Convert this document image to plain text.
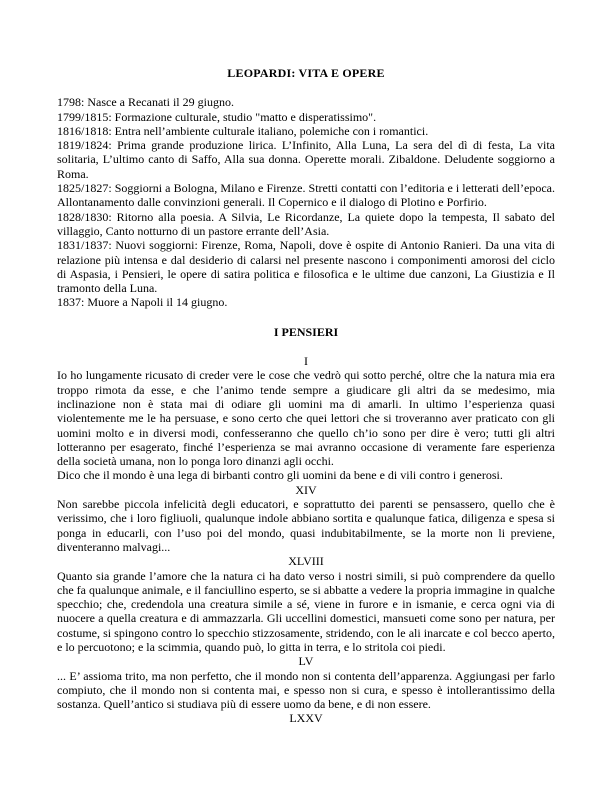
LEOPARDI: VITA E OPERE

1798: Nasce a Recanati il 29 giugno.

1799/1815: Formazione culturale, studio "matto e disperatissimo".

1816/1818: Entra nell’ambiente culturale italiano, polemiche con i romantici.

1819/1824: Prima grande produzione lirica. L’Infinito, Alla Luna, La sera del dì di festa, La vita solitaria, L’ultimo canto di Saffo, Alla sua donna. Operette morali. Zibaldone. Deludente soggiorno a Roma.

1825/1827: Soggiorni a Bologna, Milano e Firenze. Stretti contatti con l’editoria e i letterati dell’epoca. Allontanamento dalle convinzioni generali. Il Copernico e il dialogo di Plotino e Porfirio.

1828/1830: Ritorno alla poesia. A Silvia, Le Ricordanze, La quiete dopo la tempesta, Il sabato del villaggio, Canto notturno di un pastore errante dell’Asia.

1831/1837: Nuovi soggiorni: Firenze, Roma, Napoli, dove è ospite di Antonio Ranieri. Da una vita di relazione più intensa e dal desiderio di calarsi nel presente nascono i componimenti amorosi del ciclo di Aspasia, i Pensieri, le opere di satira politica e filosofica e le ultime due canzoni, La Giustizia e Il tramonto della Luna.

1837: Muore a Napoli il 14 giugno.

I PENSIERI

I

Io ho lungamente ricusato di creder vere le cose che vedrò qui sotto perché, oltre che la natura mia era troppo rimota da esse, e che l’animo tende sempre a giudicare gli altri da se medesimo, mia inclinazione non è stata mai di odiare gli uomini ma di amarli. In ultimo l’esperienza quasi violentemente me le ha persuase, e sono certo che quei lettori che si troveranno aver praticato con gli uomini molto e in diversi modi, confesseranno che quello ch’io sono per dire è vero; tutti gli altri lotteranno per esagerato, finché l’esperienza se mai avranno occasione di veramente fare esperienza della società umana, non lo ponga loro dinanzi agli occhi.

Dico che il mondo è una lega di birbanti contro gli uomini da bene e di vili contro i generosi.

XIV

Non sarebbe piccola infelicità degli educatori, e soprattutto dei parenti se pensassero, quello che è verissimo, che i loro figliuoli, qualunque indole abbiano sortita e qualunque fatica, diligenza e spesa si ponga in educarli, con l’uso poi del mondo, quasi indubitabilmente, se la morte non li previene, diventeranno malvagi...

XLVIII

Quanto sia grande l’amore che la natura ci ha dato verso i nostri simili, si può comprendere da quello che fa qualunque animale, e il fanciullino esperto, se si abbatte a vedere la propria immagine in qualche specchio; che, credendola una creatura simile a sé, viene in furore e in ismanie, e cerca ogni via di nuocere a quella creatura e di ammazzarla. Gli uccellini domestici, mansueti come sono per natura, per costume, si spingono contro lo specchio stizzosamente, stridendo, con le ali inarcate e col becco aperto, e lo percuotono; e la scimmia, quando può, lo gitta in terra, e lo stritola coi piedi.

LV

... E’ assioma trito, ma non perfetto, che il mondo non si contenta dell’apparenza. Aggiungasi per farlo compiuto, che il mondo non si contenta mai, e spesso non si cura, e spesso è intollerantissimo della sostanza. Quell’antico si studiava più di essere uomo da bene, e di non essere.

LXXV
